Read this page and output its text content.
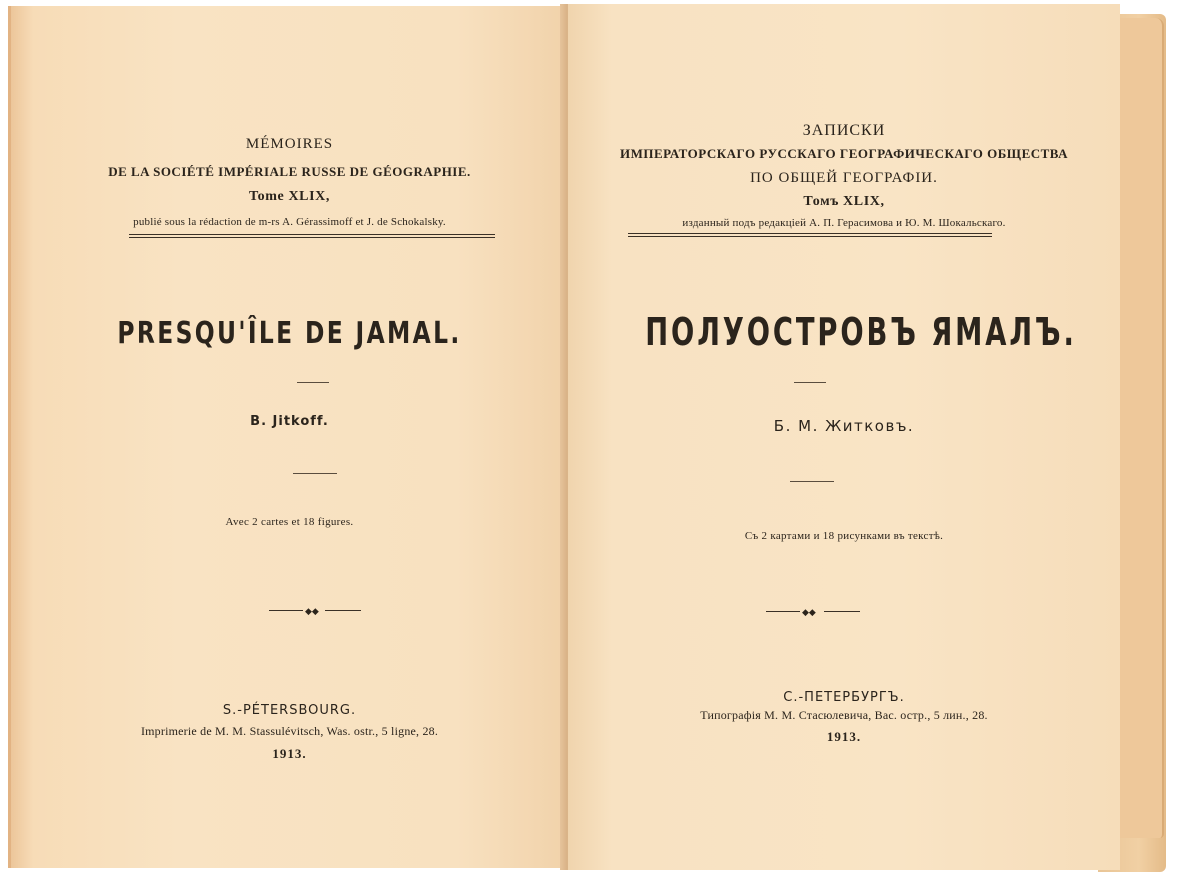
MÉMOIRES
DE LA SOCIÉTÉ IMPÉRIALE RUSSE DE GÉOGRAPHIE.
Tome XLIX,
publié sous la rédaction de m-rs A. Gérassimoff et J. de Schokalsky.
PRESQU'ÎLE DE JAMAL.
B. Jitkoff.
Avec 2 cartes et 18 figures.
◆◆
S.-PÉTERSBOURG.
Imprimerie de M. M. Stassulévitsch, Was. ostr., 5 ligne, 28.
1913.
ЗАПИСКИ
ИМПЕРАТОРСКАГО РУССКАГО ГЕОГРАФИЧЕСКАГО ОБЩЕСТВА
ПО ОБЩЕЙ ГЕОГРАФІИ.
Томъ XLIX,
изданный подъ редакціей А. П. Герасимова и Ю. М. Шокальскаго.
ПОЛУОСТРОВЪ ЯМАЛЪ.
Б. М. Житковъ.
Съ 2 картами и 18 рисунками въ текстѣ.
◆◆
С.-ПЕТЕРБУРГЪ.
Типографія М. М. Стасюлевича, Вас. остр., 5 лин., 28.
1913.
